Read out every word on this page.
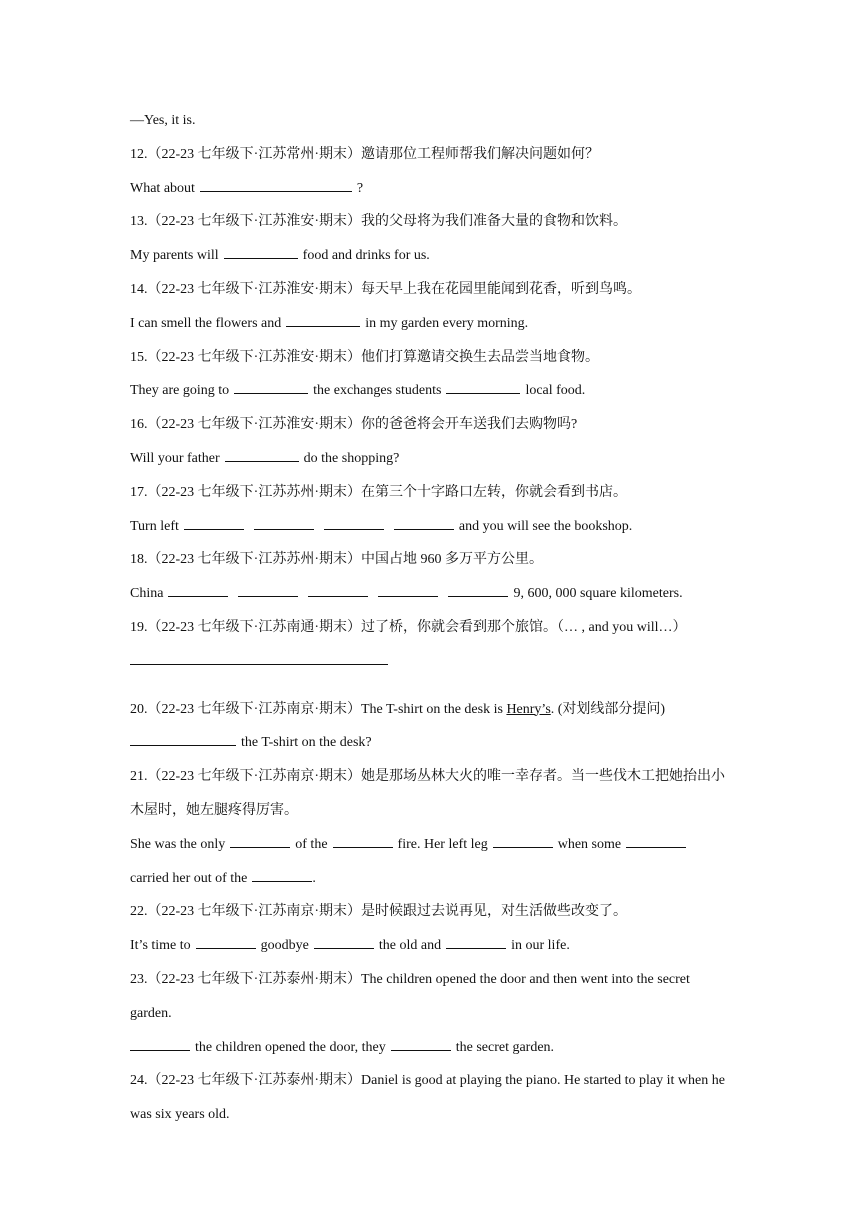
—Yes, it is.
12.（22-23 七年级下·江苏常州·期末）邀请那位工程师帮我们解决问题如何？
What about	?
13.（22-23 七年级下·江苏淮安·期末）我的父母将为我们准备大量的食物和饮料。
My parents will	food and drinks for us.
14.（22-23 七年级下·江苏淮安·期末）每天早上我在花园里能闻到花香，听到鸟鸣。
I can smell the flowers and	in my garden every morning.
15.（22-23 七年级下·江苏淮安·期末）他们打算邀请交换生去品尝当地食物。
They are going to	the exchanges students	local food.
16.（22-23 七年级下·江苏淮安·期末）你的爸爸将会开车送我们去购物吗?
Will your father	do the shopping?
17.（22-23 七年级下·江苏苏州·期末）在第三个十字路口左转，你就会看到书店。
Turn left	and you will see the bookshop.
18.（22-23 七年级下·江苏苏州·期末）中国占地 960 多万平方公里。
China	9, 600, 000 square kilometers.
19.（22-23 七年级下·江苏南通·期末）过了桥，你就会看到那个旅馆。（… , and you will…）
20.（22-23 七年级下·江苏南京·期末）The T-shirt on the desk is Henry’s. (对划线部分提问)
the T-shirt on the desk?
21.（22-23 七年级下·江苏南京·期末）她是那场丛林大火的唯一幸存者。当一些伐木工把她抬出小木屋时，她左腿疼得厉害。
She was the only	of the	fire. Her left leg	when some
carried her out of the	.
22.（22-23 七年级下·江苏南京·期末）是时候跟过去说再见，对生活做些改变了。
It’s time to	goodbye	the old and	in our life.
23.（22-23 七年级下·江苏泰州·期末）The children opened the door and then went into the secret garden.
the children opened the door, they	the secret garden.
24.（22-23 七年级下·江苏泰州·期末）Daniel is good at playing the piano. He started to play it when he was six years old.
